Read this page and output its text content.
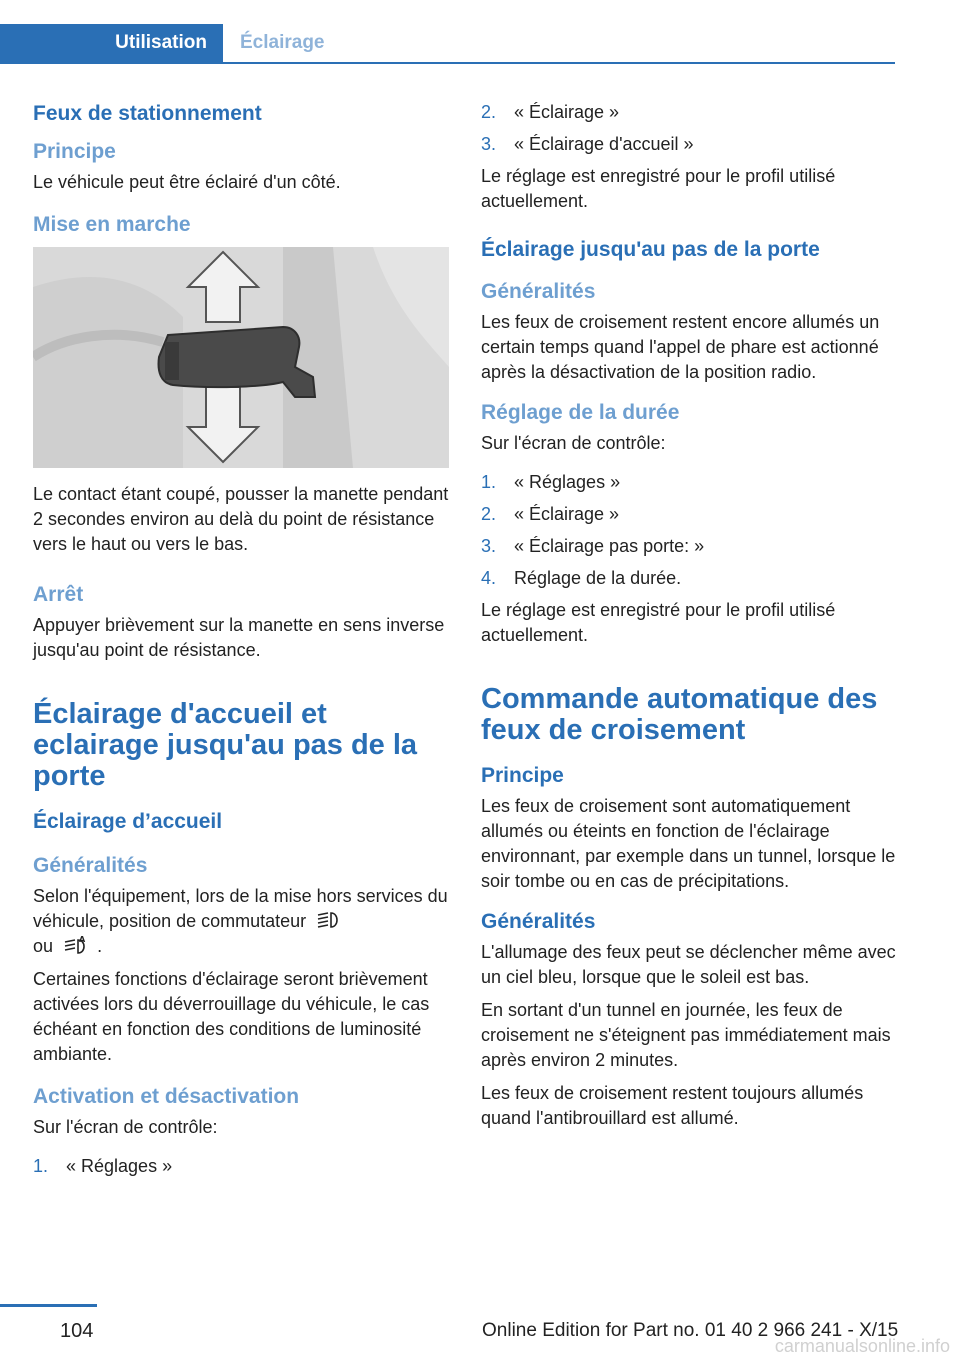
Utilisation	Éclairage
Feux de stationnement
Principe

Le véhicule peut être éclairé d'un côté.

Mise en marche

Le contact étant coupé, pousser la manette pendant 2 secondes environ au delà du point de résistance vers le haut ou vers le bas.

Arrêt

Appuyer brièvement sur la manette en sens inverse jusqu'au point de résistance.

Éclairage d'accueil et eclairage jusqu'au pas de la porte
Éclairage d’accueil
Généralités

Selon l'équipement, lors de la mise hors services du véhicule, position de commutateur
ou	A .

Certaines fonctions d'éclairage seront brièvement activées lors du déverrouillage du véhicule, le cas échéant en fonction des conditions de luminosité ambiante.

Activation et désactivation

Sur l'écran de contrôle:

1. « Réglages »
2. « Éclairage »
3. « Éclairage d'accueil »

Le réglage est enregistré pour le profil utilisé actuellement.

Éclairage jusqu'au pas de la porte
Généralités

Les feux de croisement restent encore allumés un certain temps quand l'appel de phare est actionné après la désactivation de la position radio.

Réglage de la durée

Sur l'écran de contrôle:

1. « Réglages »
2. « Éclairage »
3. « Éclairage pas porte: »
4. Réglage de la durée.

Le réglage est enregistré pour le profil utilisé actuellement.

Commande automatique des feux de croisement
Principe

Les feux de croisement sont automatiquement allumés ou éteints en fonction de l'éclairage environnant, par exemple dans un tunnel, lorsque le soir tombe ou en cas de précipitations.

Généralités

L'allumage des feux peut se déclencher même avec un ciel bleu, lorsque que le soleil est bas.

En sortant d'un tunnel en journée, les feux de croisement ne s'éteignent pas immédiatement mais après environ 2 minutes.

Les feux de croisement restent toujours allumés quand l'antibrouillard est allumé.

104	Online Edition for Part no. 01 40 2 966 241 - X/15
carmanualsonline.info
